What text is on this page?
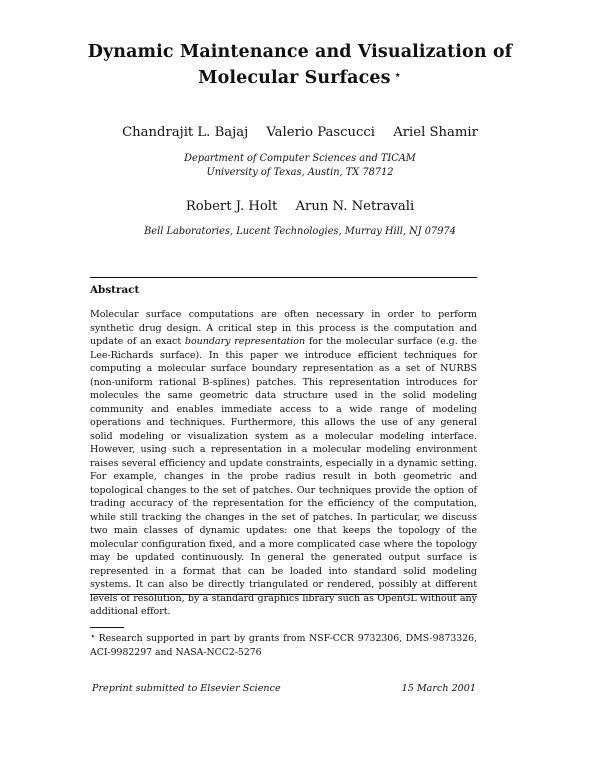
Dynamic Maintenance and Visualization of
Molecular Surfaces ⋆
Chandrajit L. Bajaj Valerio Pascucci Ariel Shamir
Department of Computer Sciences and TICAM
University of Texas, Austin, TX 78712
Robert J. Holt Arun N. Netravali
Bell Laboratories, Lucent Technologies, Murray Hill, NJ 07974
Abstract
Molecular surface computations are often necessary in order to perform synthetic drug design. A critical step in this process is the computation and update of an exact boundary representation for the molecular surface (e.g. the Lee-Richards surface). In this paper we introduce efficient techniques for computing a molecular surface boundary representation as a set of NURBS (non-uniform rational B-splines) patches. This representation introduces for molecules the same geometric data structure used in the solid modeling community and enables immediate access to a wide range of modeling operations and techniques. Furthermore, this allows the use of any general solid modeling or visualization system as a molecular modeling interface. However, using such a representation in a molecular modeling environment raises several efficiency and update constraints, especially in a dynamic setting. For example, changes in the probe radius result in both geometric and topological changes to the set of patches. Our techniques provide the option of trading accuracy of the representation for the efficiency of the computation, while still tracking the changes in the set of patches. In particular, we discuss two main classes of dynamic updates: one that keeps the topology of the molecular configuration fixed, and a more complicated case where the topology may be updated continuously. In general the generated output surface is represented in a format that can be loaded into standard solid modeling systems. It can also be directly triangulated or rendered, possibly at different levels of resolution, by a standard graphics library such as OpenGL without any additional effort.
⋆ Research supported in part by grants from NSF-CCR 9732306, DMS-9873326, ACI-9982297 and NASA-NCC2-5276
Preprint submitted to Elsevier Science	15 March 2001
